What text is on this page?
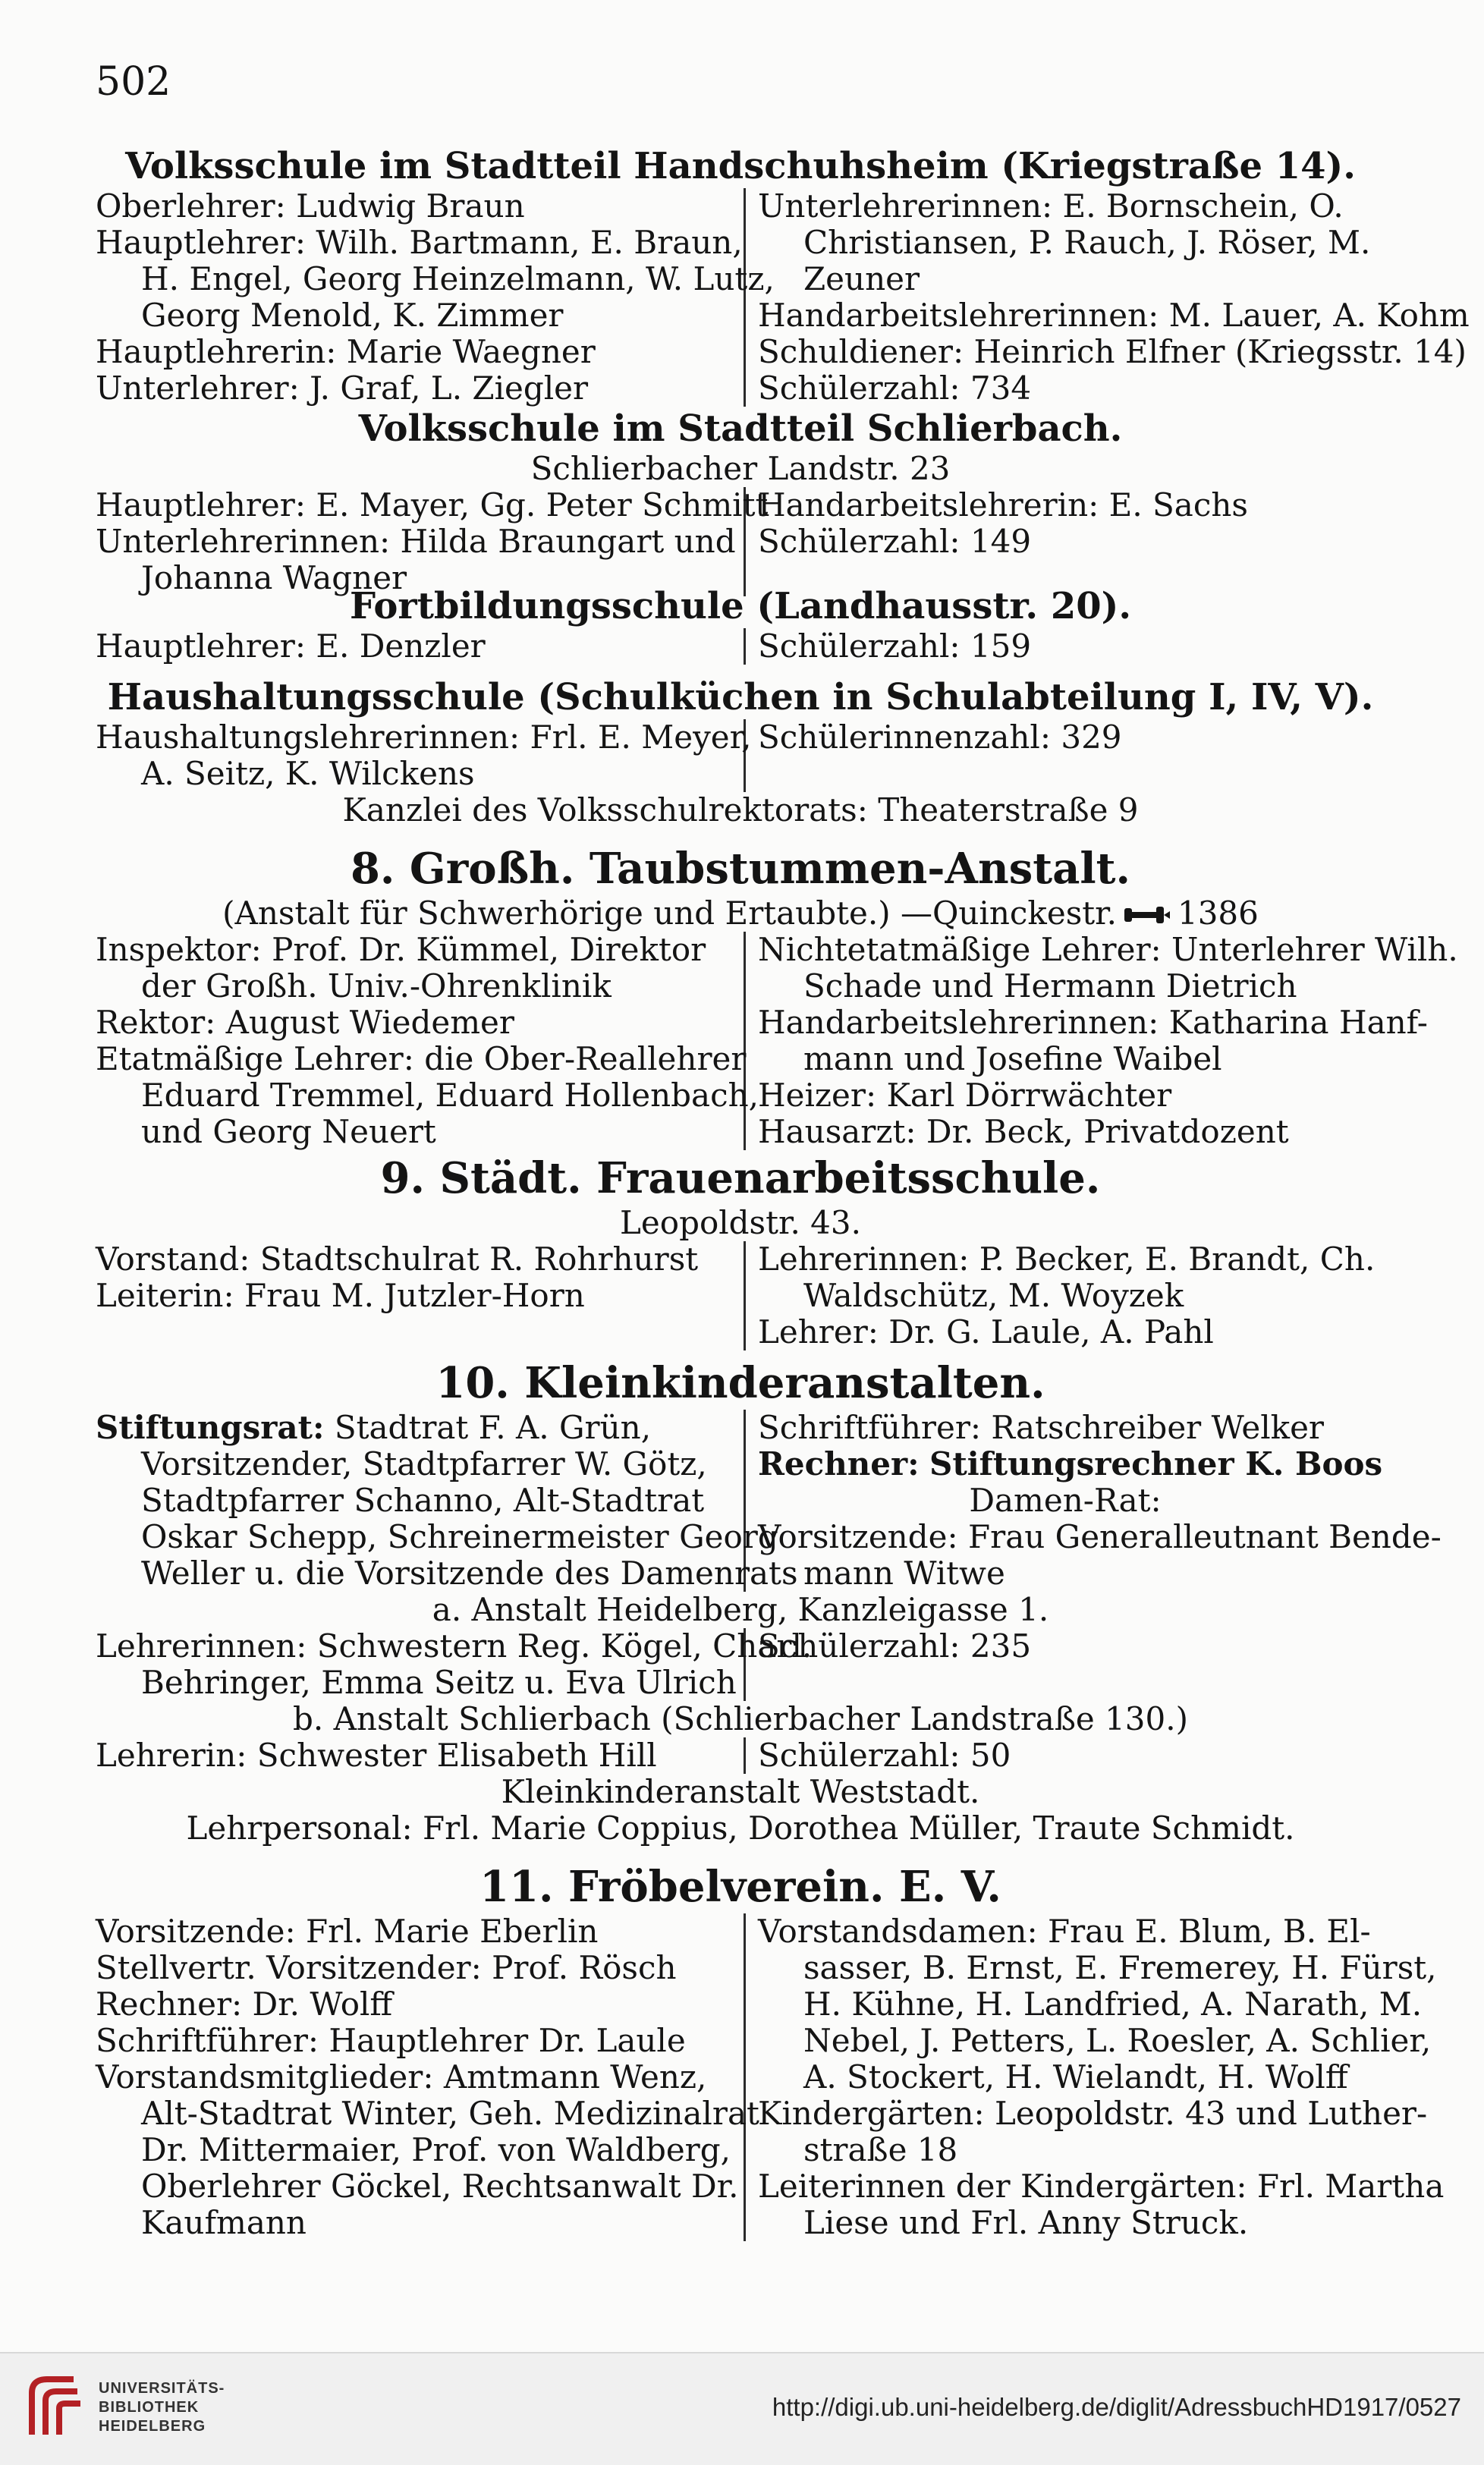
502
Volksschule im Stadtteil Handschuhsheim (Kriegstraße 14).
Oberlehrer: Ludwig Braun
Hauptlehrer: Wilh. Bartmann, E. Braun,
H. Engel, Georg Heinzelmann, W. Lutz,
Georg Menold, K. Zimmer
Hauptlehrerin: Marie Waegner
Unterlehrer: J. Graf, L. Ziegler
Unterlehrerinnen: E. Bornschein, O.
Christiansen, P. Rauch, J. Röser, M.
Zeuner
Handarbeitslehrerinnen: M. Lauer, A. Kohm
Schuldiener: Heinrich Elfner (Kriegsstr. 14)
Schülerzahl: 734
Volksschule im Stadtteil Schlierbach.
Schlierbacher Landstr. 23
Hauptlehrer: E. Mayer, Gg. Peter Schmitt
Unterlehrerinnen: Hilda Braungart und
Johanna Wagner
Handarbeitslehrerin: E. Sachs
Schülerzahl: 149
Fortbildungsschule (Landhausstr. 20).
Hauptlehrer: E. Denzler	Schülerzahl: 159
Haushaltungsschule (Schulküchen in Schulabteilung I, IV, V).
Haushaltungslehrerinnen: Frl. E. Meyer,
A. Seitz, K. Wilckens
Schülerinnenzahl: 329
Kanzlei des Volksschulrektorats: Theaterstraße 9
8. Großh. Taubstummen-Anstalt.
(Anstalt für Schwerhörige und Ertaubte.) —Quinckestr. 1386
Inspektor: Prof. Dr. Kümmel, Direktor
der Großh. Univ.-Ohrenklinik
Rektor: August Wiedemer
Etatmäßige Lehrer: die Ober-Reallehrer
Eduard Tremmel, Eduard Hollenbach,
und Georg Neuert
Nichtetatmäßige Lehrer: Unterlehrer Wilh.
Schade und Hermann Dietrich
Handarbeitslehrerinnen: Katharina Hanf-
mann und Josefine Waibel
Heizer: Karl Dörrwächter
Hausarzt: Dr. Beck, Privatdozent
9. Städt. Frauenarbeitsschule.
Leopoldstr. 43.
Vorstand: Stadtschulrat R. Rohrhurst
Leiterin: Frau M. Jutzler-Horn
Lehrerinnen: P. Becker, E. Brandt, Ch.
Waldschütz, M. Woyzek
Lehrer: Dr. G. Laule, A. Pahl
10. Kleinkinderanstalten.
Stiftungsrat: Stadtrat F. A. Grün,
Vorsitzender, Stadtpfarrer W. Götz,
Stadtpfarrer Schanno, Alt-Stadtrat
Oskar Schepp, Schreinermeister Georg
Weller u. die Vorsitzende des Damenrats
Schriftführer: Ratschreiber Welker
Rechner: Stiftungsrechner K. Boos
Damen-Rat:
Vorsitzende: Frau Generalleutnant Bende-
mann Witwe
a. Anstalt Heidelberg, Kanzleigasse 1.
Lehrerinnen: Schwestern Reg. Kögel, Charl.
Behringer, Emma Seitz u. Eva Ulrich
Schülerzahl: 235
b. Anstalt Schlierbach (Schlierbacher Landstraße 130.)
Lehrerin: Schwester Elisabeth Hill	Schülerzahl: 50
Kleinkinderanstalt Weststadt.
Lehrpersonal: Frl. Marie Coppius, Dorothea Müller, Traute Schmidt.
11. Fröbelverein. E. V.
Vorsitzende: Frl. Marie Eberlin
Stellvertr. Vorsitzender: Prof. Rösch
Rechner: Dr. Wolff
Schriftführer: Hauptlehrer Dr. Laule
Vorstandsmitglieder: Amtmann Wenz,
Alt-Stadtrat Winter, Geh. Medizinalrat
Dr. Mittermaier, Prof. von Waldberg,
Oberlehrer Göckel, Rechtsanwalt Dr.
Kaufmann
Vorstandsdamen: Frau E. Blum, B. El-
sasser, B. Ernst, E. Fremerey, H. Fürst,
H. Kühne, H. Landfried, A. Narath, M.
Nebel, J. Petters, L. Roesler, A. Schlier,
A. Stockert, H. Wielandt, H. Wolff
Kindergärten: Leopoldstr. 43 und Luther-
straße 18
Leiterinnen der Kindergärten: Frl. Martha
Liese und Frl. Anny Struck.
UNIVERSITÄTS-
BIBLIOTHEK
HEIDELBERG
http://digi.ub.uni-heidelberg.de/diglit/AdressbuchHD1917/0527
